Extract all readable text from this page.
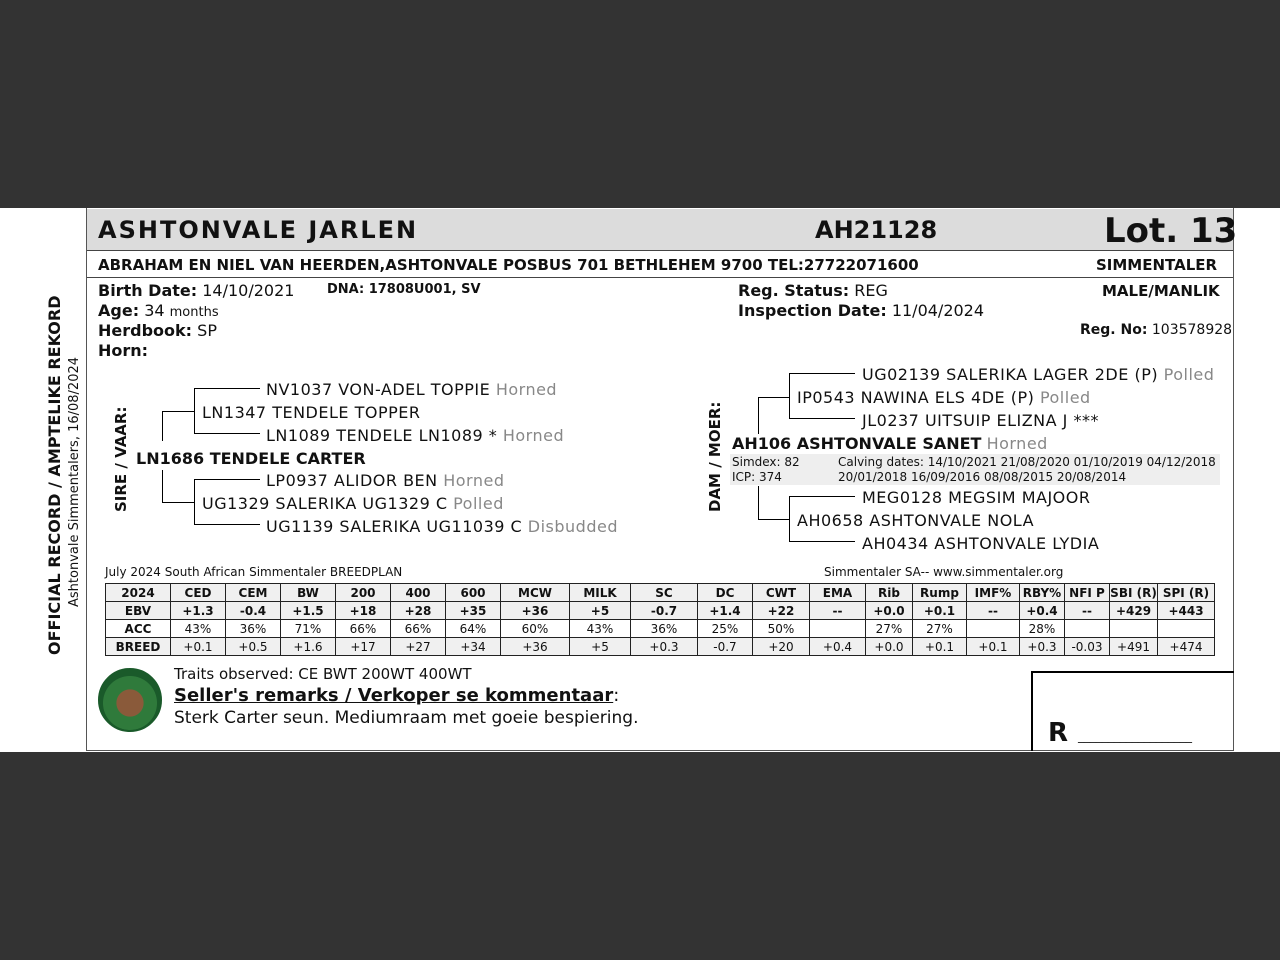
ASHTONVALE JARLEN	AH21128	Lot. 13
ABRAHAM EN NIEL VAN HEERDEN,ASHTONVALE POSBUS 701 BETHLEHEM 9700 TEL:27722071600	SIMMENTALER
Birth Date: 14/10/2021	DNA: 17808U001, SV
Age: 34 months
Herdbook: SP
Horn:
Reg. Status: REG
Inspection Date: 11/04/2024
MALE/MANLIK
Reg. No: 103578928
SIRE / VAAR:
NV1037 VON-ADEL TOPPIE Horned
LN1347 TENDELE TOPPER
LN1089 TENDELE LN1089 * Horned
LN1686 TENDELE CARTER
LP0937 ALIDOR BEN Horned
UG1329 SALERIKA UG1329 C Polled
UG1139 SALERIKA UG11039 C Disbudded
DAM / MOER:
UG02139 SALERIKA LAGER 2DE (P) Polled
IP0543 NAWINA ELS 4DE (P) Polled
JL0237 UITSUIP ELIZNA J ***
AH106 ASHTONVALE SANET Horned
Simdex: 82
ICP: 374
Calving dates: 14/10/2021 21/08/2020 01/10/2019 04/12/2018
20/01/2018 16/09/2016 08/08/2015 20/08/2014
MEG0128 MEGSIM MAJOOR
AH0658 ASHTONVALE NOLA
AH0434 ASHTONVALE LYDIA
July 2024 South African Simmentaler BREEDPLAN	Simmentaler SA-- www.simmentaler.org
2024	CED	CEM	BW	200	400	600	MCW	MILK	SC	DC	CWT	EMA	Rib	Rump	IMF%	RBY%	NFI P	SBI (R)	SPI (R)
EBV	+1.3	-0.4	+1.5	+18	+28	+35	+36	+5	-0.7	+1.4	+22	--	+0.0	+0.1	--	+0.4	--	+429	+443
ACC	43%	36%	71%	66%	66%	64%	60%	43%	36%	25%	50%		27%	27%		28%			
BREED	+0.1	+0.5	+1.6	+17	+27	+34	+36	+5	+0.3	-0.7	+20	+0.4	+0.0	+0.1	+0.1	+0.3	-0.03	+491	+474
Traits observed: CE BWT 200WT 400WT
Seller's remarks / Verkoper se kommentaar:
Sterk Carter seun. Mediumraam met goeie bespiering.	R ___________________
OFFICIAL RECORD / AMPTELIKE REKORD Ashtonvale Simmentalers, 16/08/2024
